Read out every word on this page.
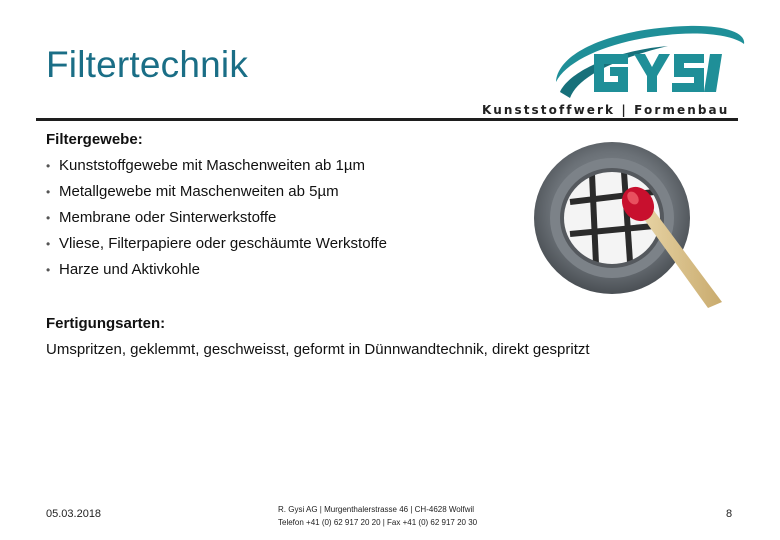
Filtertechnik
Kunststoffwerk | Formenbau
Filtergewebe:
• Kunststoffgewebe mit Maschenweiten ab 1µm
• Metallgewebe mit Maschenweiten ab 5µm
• Membrane oder Sinterwerkstoffe
• Vliese, Filterpapiere oder geschäumte Werkstoffe
• Harze und Aktivkohle
Fertigungsarten:
Umspritzen, geklemmt, geschweisst, geformt in Dünnwandtechnik, direkt gespritzt
05.03.2018	R. Gysi AG | Murgenthalerstrasse 46 | CH-4628 Wolfwil
Telefon +41 (0) 62 917 20 20 | Fax +41 (0) 62 917 20 30
8
